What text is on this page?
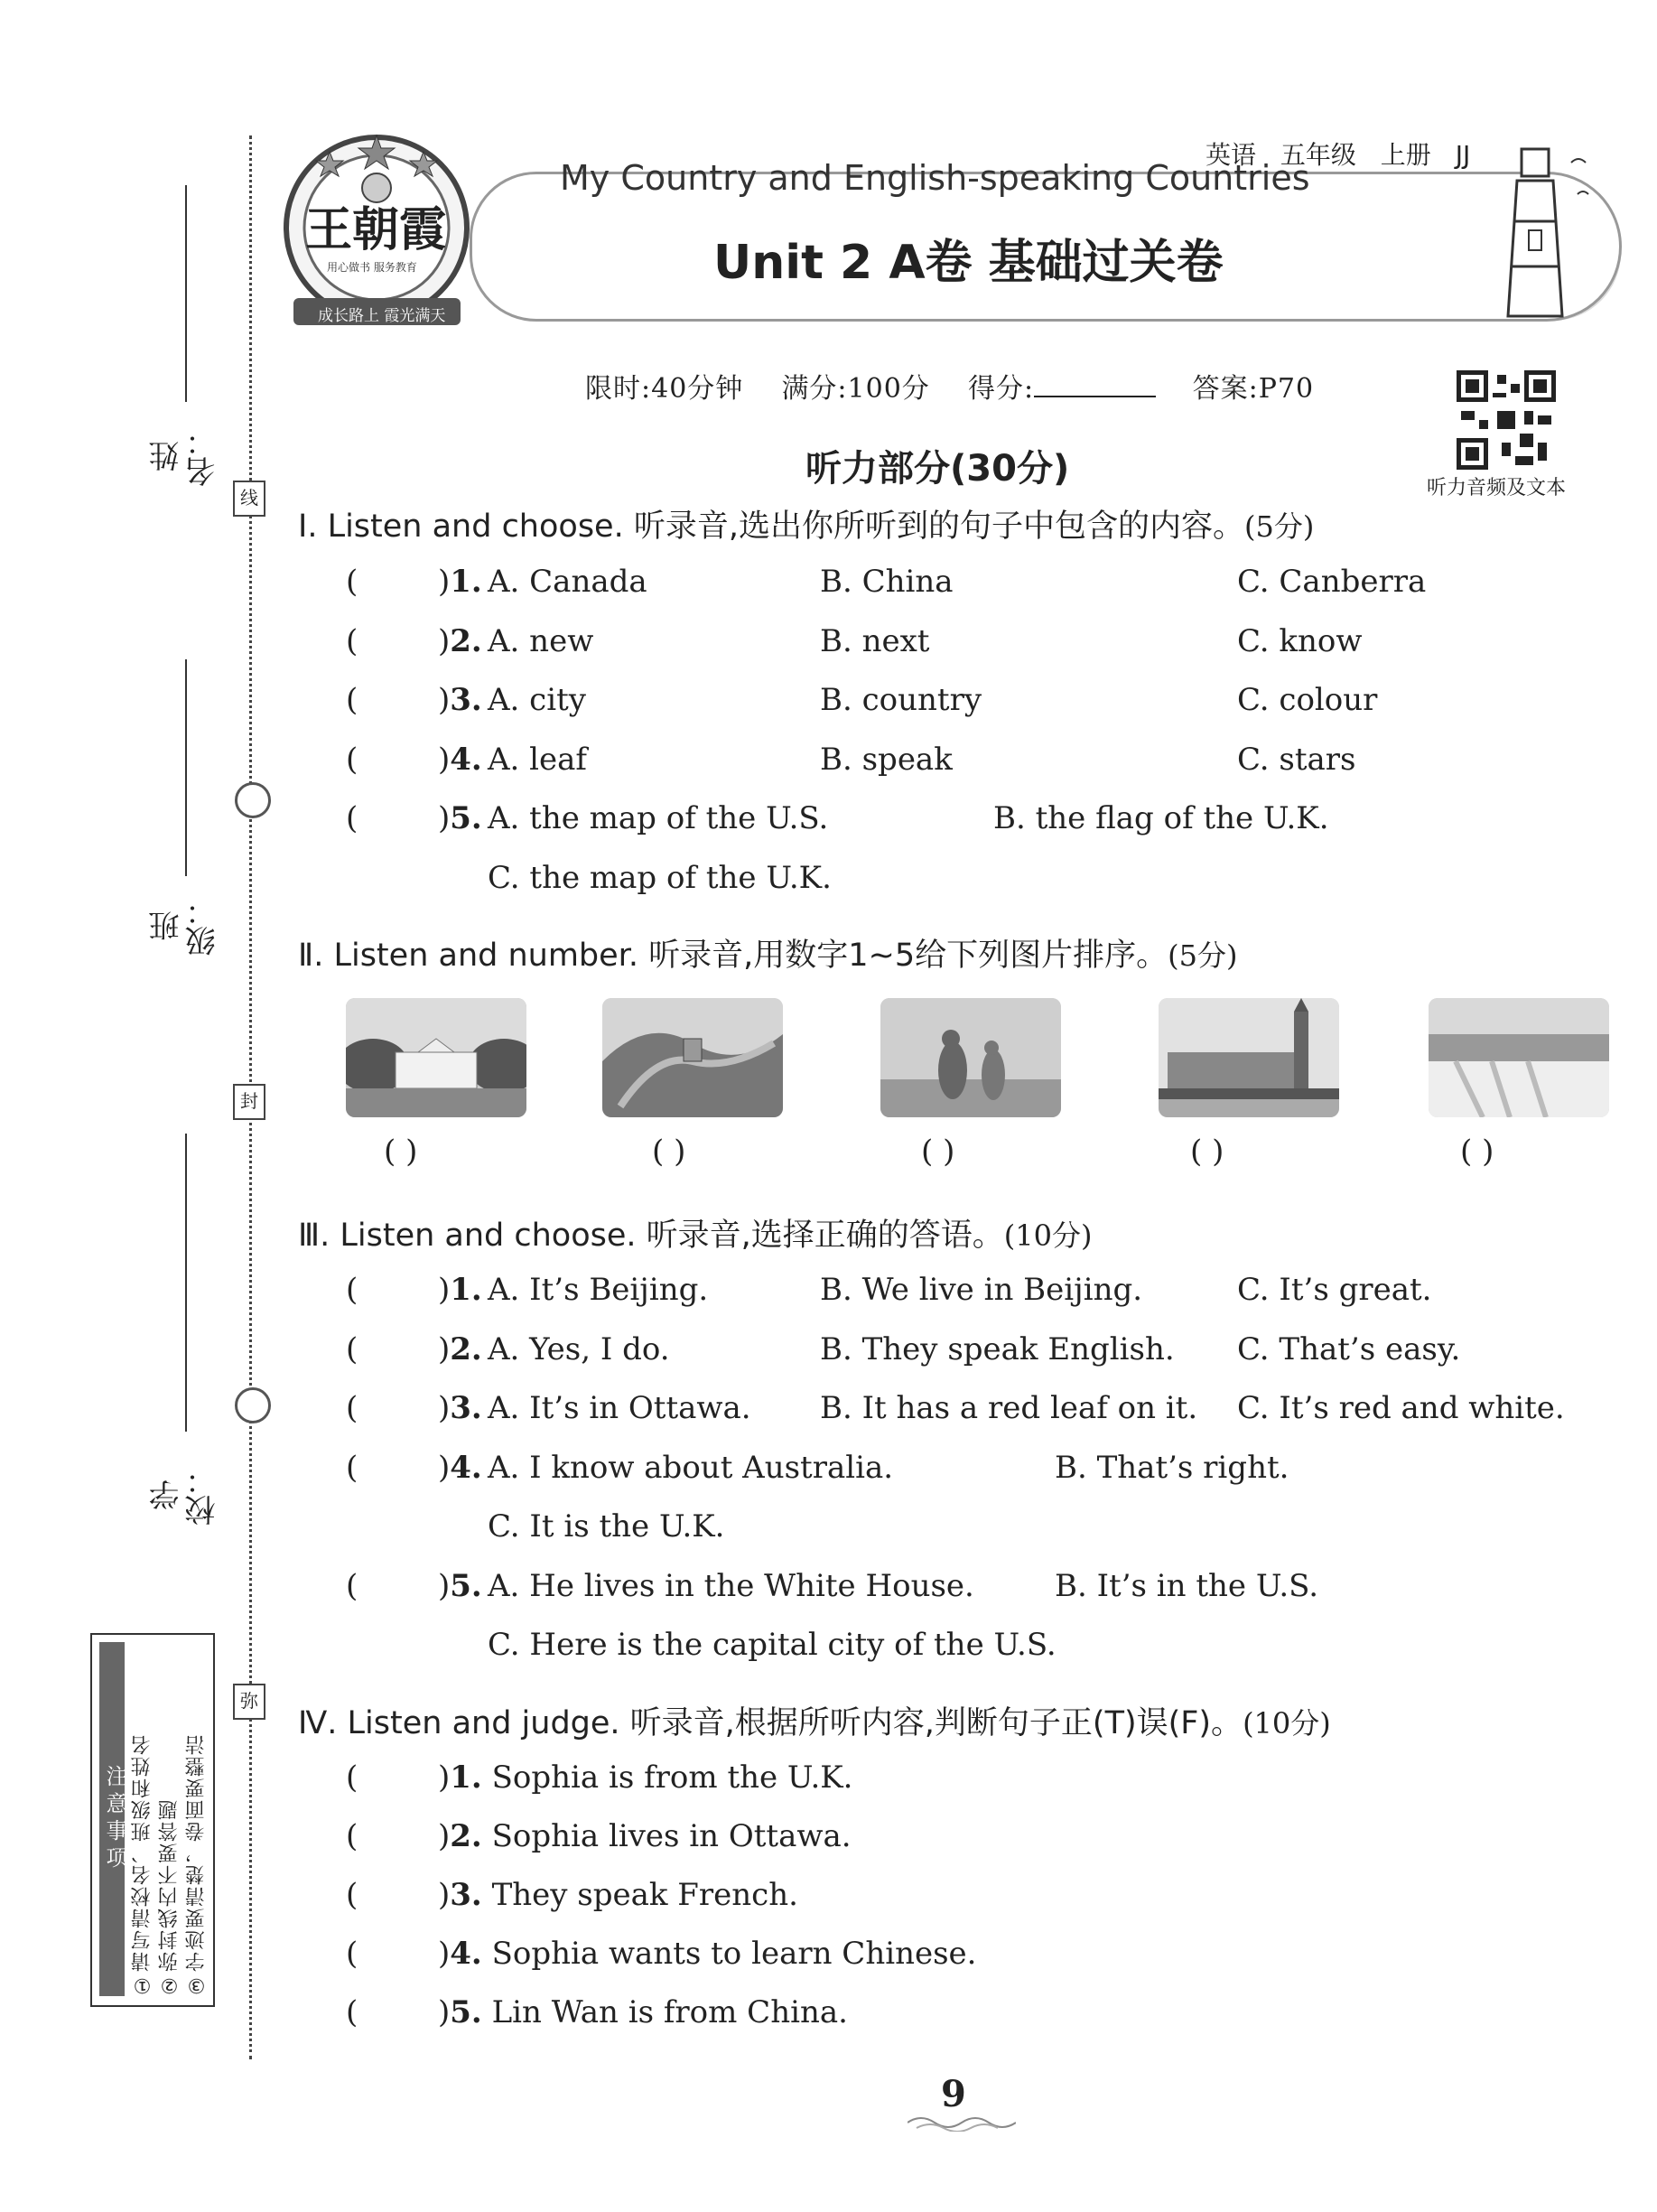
姓 名：
班 级：
学 校：
线
封
弥
注意事项 ①请写清校名、班级和姓名 ②弥封线内不要答题 ③字迹要清楚，卷面要整洁
王朝霞
用心做书 服务教育
成长路上 霞光满天
My Country and English-speaking Countries
Unit 2 A卷 基础过关卷
英语 五年级 上册 JJ
限时:40分钟 满分:100分 得分:	答案:P70
听力音频及文本
听力部分(30分)
Ⅰ. Listen and choose. 听录音,选出你所听到的句子中包含的内容。(5分)
(	)1. A. Canada	B. China	C. Canberra
(	)2. A. new	B. next	C. know
(	)3. A. city	B. country	C. colour
(	)4. A. leaf	B. speak	C. stars
(	)5. A. the map of the U.S.	B. the flag of the U.K.
C. the map of the U.K.
Ⅱ. Listen and number. 听录音,用数字1~5给下列图片排序。(5分)
( )	( )	( )	( )	( )
Ⅲ. Listen and choose. 听录音,选择正确的答语。(10分)
(	)1. A. It’s Beijing.	B. We live in Beijing.	C. It’s great.
(	)2. A. Yes, I do.	B. They speak English. C. That’s easy.
(	)3. A. It’s in Ottawa. B. It has a red leaf on it. C. It’s red and white.
(	)4. A. I know about Australia.	B. That’s right.
C. It is the U.K.
(	)5. A. He lives in the White House.	B. It’s in the U.S.
C. Here is the capital city of the U.S.
Ⅳ. Listen and judge. 听录音,根据所听内容,判断句子正(T)误(F)。(10分)
(	)1. Sophia is from the U.K.
(	)2. Sophia lives in Ottawa.
(	)3. They speak French.
(	)4. Sophia wants to learn Chinese.
(	)5. Lin Wan is from China.
9
